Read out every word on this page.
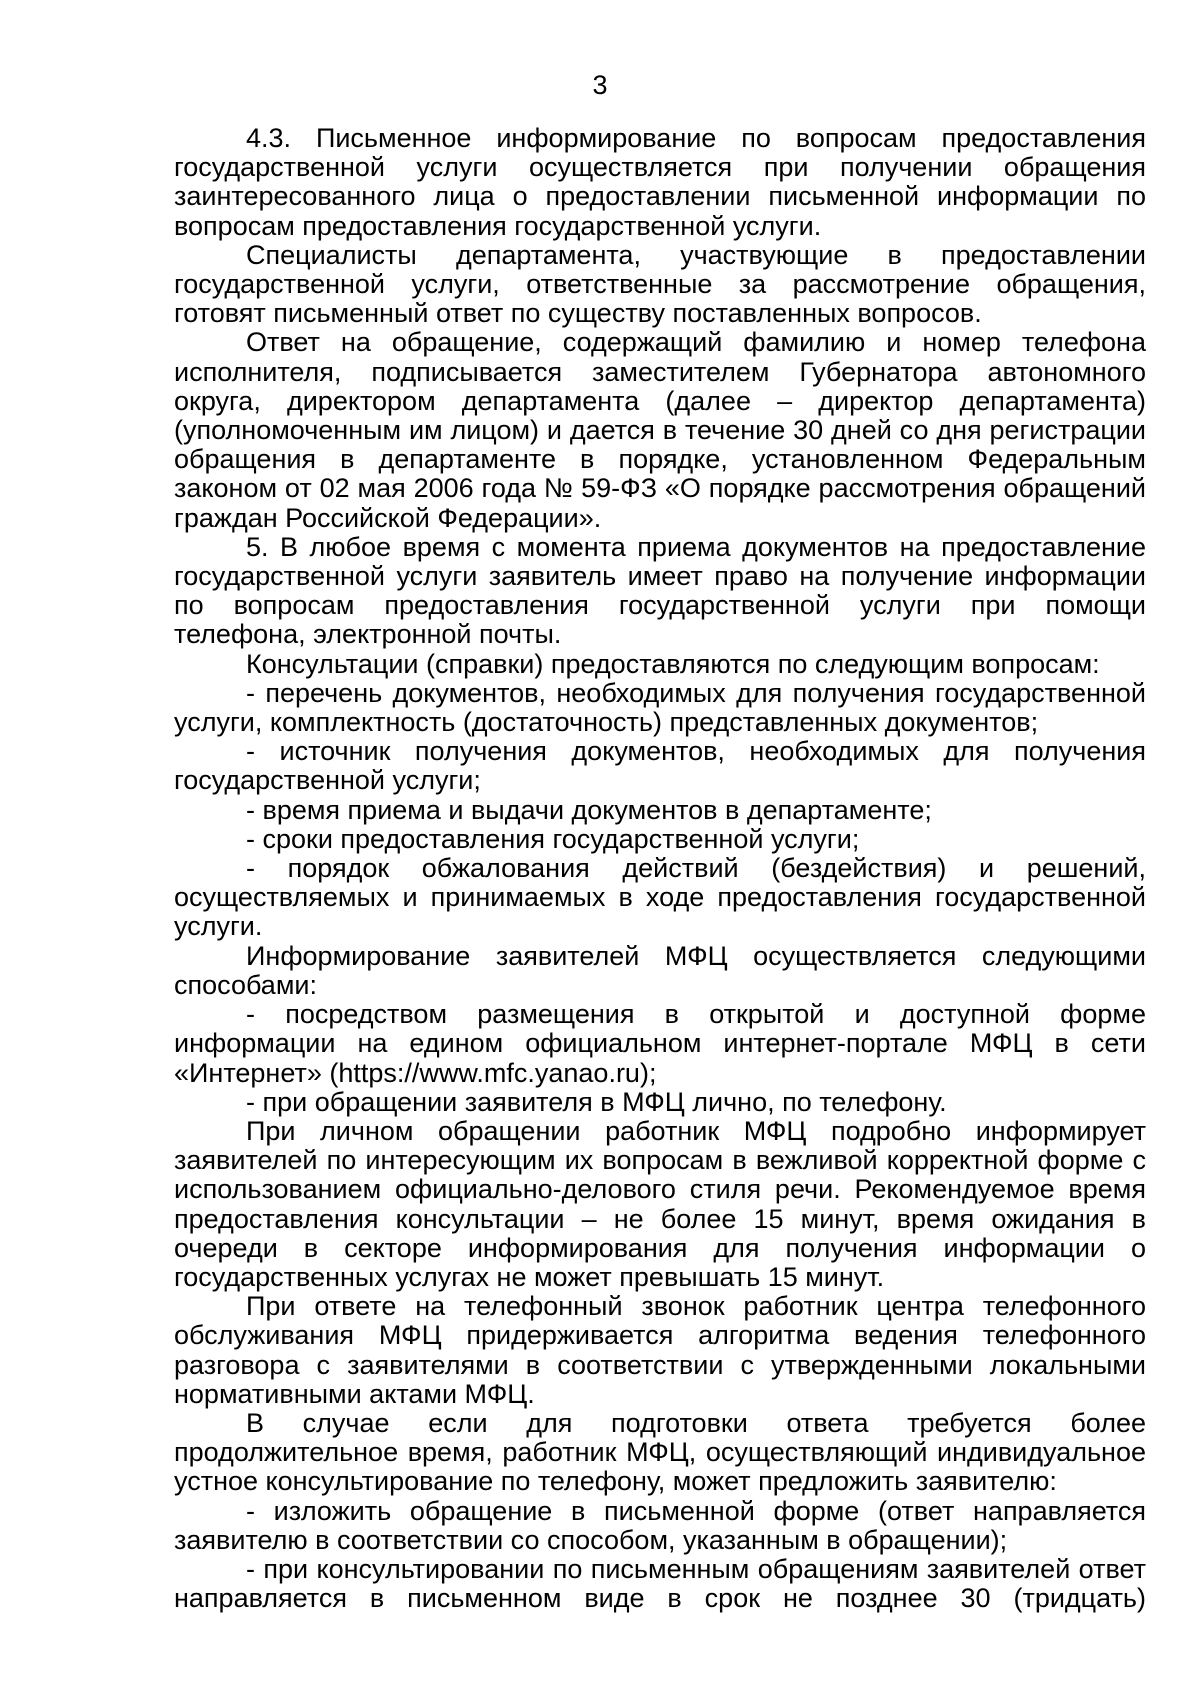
3

4.3. Письменное информирование по вопросам предоставления государственной услуги осуществляется при получении обращения заинтересованного лица о предоставлении письменной информации по вопросам предоставления государственной услуги.

Специалисты департамента, участвующие в предоставлении государственной услуги, ответственные за рассмотрение обращения, готовят письменный ответ по существу поставленных вопросов.

Ответ на обращение, содержащий фамилию и номер телефона исполнителя, подписывается заместителем Губернатора автономного округа, директором департамента (далее – директор департамента) (уполномоченным им лицом) и дается в течение 30 дней со дня регистрации обращения в департаменте в порядке, установленном Федеральным законом от 02 мая 2006 года № 59-ФЗ «О порядке рассмотрения обращений граждан Российской Федерации».

5. В любое время с момента приема документов на предоставление государственной услуги заявитель имеет право на получение информации по вопросам предоставления государственной услуги при помощи телефона, электронной почты.

Консультации (справки) предоставляются по следующим вопросам:

- перечень документов, необходимых для получения государственной услуги, комплектность (достаточность) представленных документов;

- источник получения документов, необходимых для получения государственной услуги;

- время приема и выдачи документов в департаменте;

- сроки предоставления государственной услуги;

- порядок обжалования действий (бездействия) и решений, осуществляемых и принимаемых в ходе предоставления государственной услуги.

Информирование заявителей МФЦ осуществляется следующими способами:

- посредством размещения в открытой и доступной форме информации на едином официальном интернет-портале МФЦ в сети «Интернет» (https://www.mfc.yanao.ru);

- при обращении заявителя в МФЦ лично, по телефону.

При личном обращении работник МФЦ подробно информирует заявителей по интересующим их вопросам в вежливой корректной форме с использованием официально-делового стиля речи. Рекомендуемое время предоставления консультации – не более 15 минут, время ожидания в очереди в секторе информирования для получения информации о государственных услугах не может превышать 15 минут.

При ответе на телефонный звонок работник центра телефонного обслуживания МФЦ придерживается алгоритма ведения телефонного разговора с заявителями в соответствии с утвержденными локальными нормативными актами МФЦ.

В случае если для подготовки ответа требуется более продолжительное время, работник МФЦ, осуществляющий индивидуальное устное консультирование по телефону, может предложить заявителю:

- изложить обращение в письменной форме (ответ направляется заявителю в соответствии со способом, указанным в обращении);

- при консультировании по письменным обращениям заявителей ответ направляется в письменном виде в срок не позднее 30 (тридцать)
